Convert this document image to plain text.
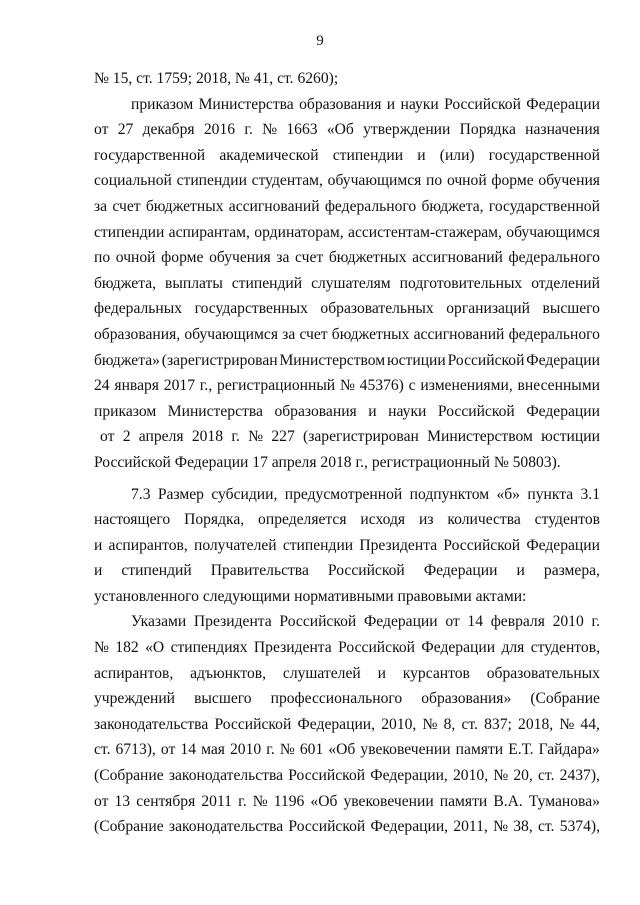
9
№ 15, ст. 1759; 2018, № 41, ст. 6260);
приказом Министерства образования и науки Российской Федерации
от 27 декабря 2016 г. № 1663 «Об утверждении Порядка назначения
государственной академической стипендии и (или) государственной
социальной стипендии студентам, обучающимся по очной форме обучения
за счет бюджетных ассигнований федерального бюджета, государственной
стипендии аспирантам, ординаторам, ассистентам-стажерам, обучающимся
по очной форме обучения за счет бюджетных ассигнований федерального
бюджета, выплаты стипендий слушателям подготовительных отделений
федеральных государственных образовательных организаций высшего
образования, обучающимся за счет бюджетных ассигнований федерального
бюджета» (зарегистрирован Министерством юстиции Российской Федерации
24 января 2017 г., регистрационный № 45376) с изменениями, внесенными
приказом Министерства образования и науки Российской Федерации
от 2 апреля 2018 г. № 227 (зарегистрирован Министерством юстиции
Российской Федерации 17 апреля 2018 г., регистрационный № 50803).
7.3 Размер субсидии, предусмотренной подпунктом «б» пункта 3.1
настоящего Порядка, определяется исходя из количества студентов
и аспирантов, получателей стипендии Президента Российской Федерации
и стипендий Правительства Российской Федерации и размера,
установленного следующими нормативными правовыми актами:
Указами Президента Российской Федерации от 14 февраля 2010 г.
№ 182 «О стипендиях Президента Российской Федерации для студентов,
аспирантов, адъюнктов, слушателей и курсантов образовательных
учреждений высшего профессионального образования» (Собрание
законодательства Российской Федерации, 2010, № 8, ст. 837; 2018, № 44,
ст. 6713), от 14 мая 2010 г. № 601 «Об увековечении памяти Е.Т. Гайдара»
(Собрание законодательства Российской Федерации, 2010, № 20, ст. 2437),
от 13 сентября 2011 г. № 1196 «Об увековечении памяти В.А. Туманова»
(Собрание законодательства Российской Федерации, 2011, № 38, ст. 5374),
